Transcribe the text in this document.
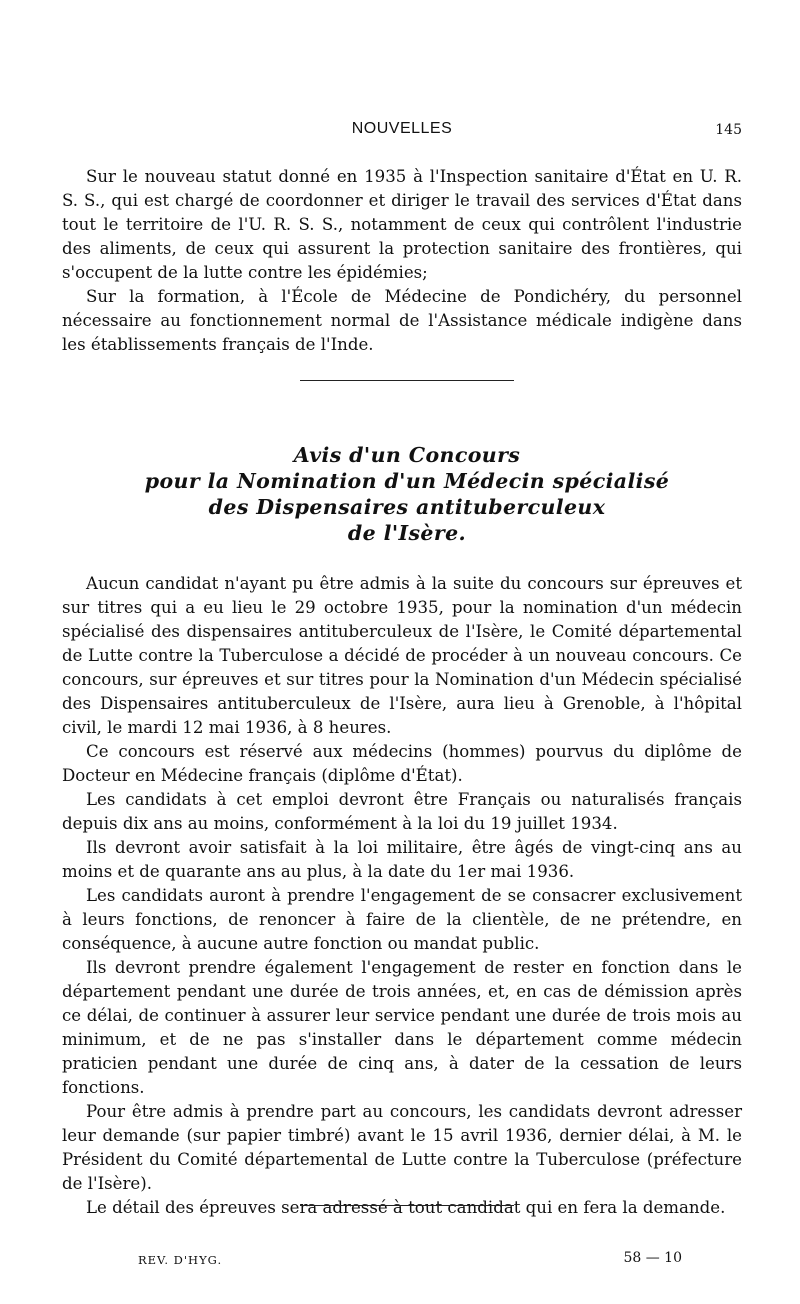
NOUVELLES	145

Sur le nouveau statut donné en 1935 à l'Inspection sanitaire d'État en U. R. S. S., qui est chargé de coordonner et diriger le travail des services d'État dans tout le territoire de l'U. R. S. S., notamment de ceux qui contrôlent l'industrie des aliments, de ceux qui assurent la protection sanitaire des frontières, qui s'occupent de la lutte contre les épidémies;

Sur la formation, à l'École de Médecine de Pondichéry, du personnel nécessaire au fonctionnement normal de l'Assistance médicale indigène dans les établissements français de l'Inde.

Avis d'un Concours
pour la Nomination d'un Médecin spécialisé
des Dispensaires antituberculeux
de l'Isère.

Aucun candidat n'ayant pu être admis à la suite du concours sur épreuves et sur titres qui a eu lieu le 29 octobre 1935, pour la nomination d'un médecin spécialisé des dispensaires antituberculeux de l'Isère, le Comité départemental de Lutte contre la Tuberculose a décidé de procéder à un nouveau concours. Ce concours, sur épreuves et sur titres pour la Nomination d'un Médecin spécialisé des Dispensaires antituberculeux de l'Isère, aura lieu à Grenoble, à l'hôpital civil, le mardi 12 mai 1936, à 8 heures.

Ce concours est réservé aux médecins (hommes) pourvus du diplôme de Docteur en Médecine français (diplôme d'État).

Les candidats à cet emploi devront être Français ou naturalisés français depuis dix ans au moins, conformément à la loi du 19 juillet 1934.

Ils devront avoir satisfait à la loi militaire, être âgés de vingt-cinq ans au moins et de quarante ans au plus, à la date du 1er mai 1936.

Les candidats auront à prendre l'engagement de se consacrer exclusivement à leurs fonctions, de renoncer à faire de la clientèle, de ne prétendre, en conséquence, à aucune autre fonction ou mandat public.

Ils devront prendre également l'engagement de rester en fonction dans le département pendant une durée de trois années, et, en cas de démission après ce délai, de continuer à assurer leur service pendant une durée de trois mois au minimum, et de ne pas s'installer dans le département comme médecin praticien pendant une durée de cinq ans, à dater de la cessation de leurs fonctions.

Pour être admis à prendre part au concours, les candidats devront adresser leur demande (sur papier timbré) avant le 15 avril 1936, dernier délai, à M. le Président du Comité départemental de Lutte contre la Tuberculose (préfecture de l'Isère).

Le détail des épreuves sera adressé à tout candidat qui en fera la demande.

REV. D'HYG.	58 — 10
